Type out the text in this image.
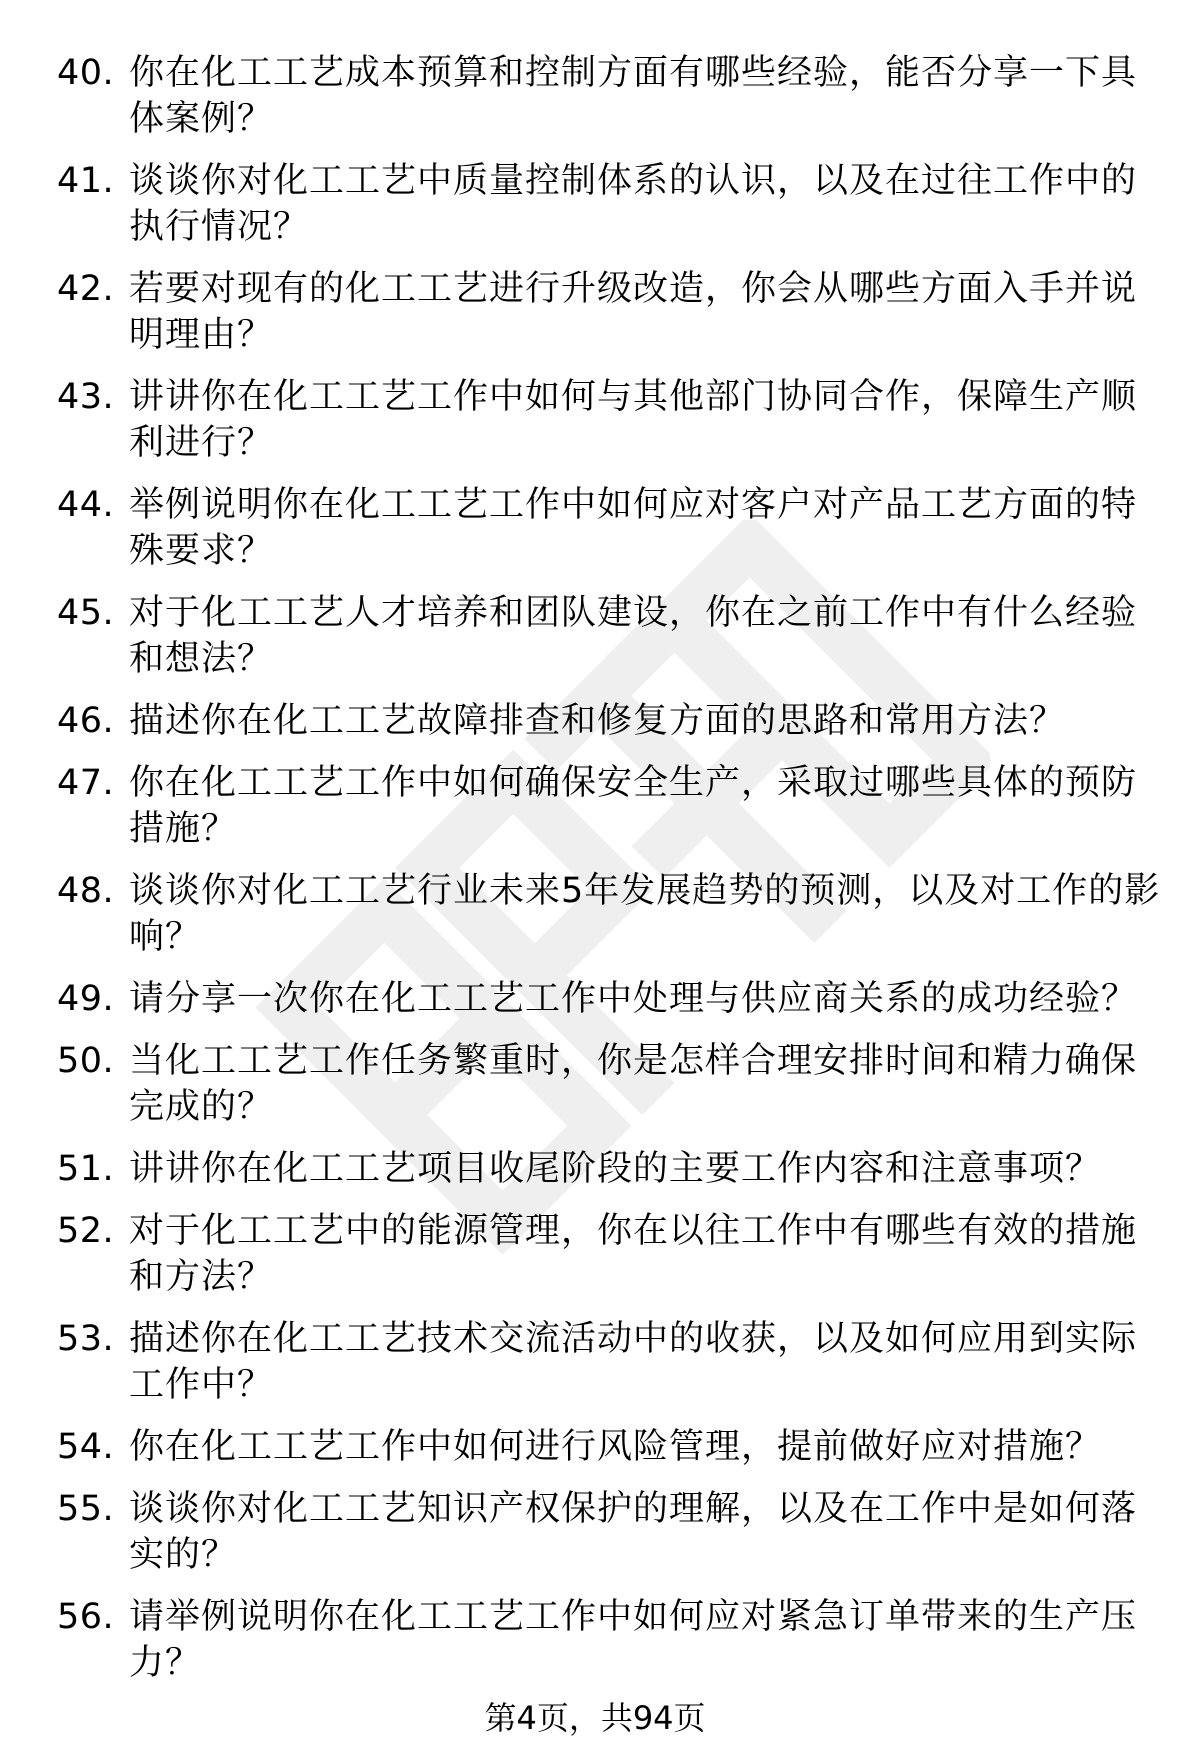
40. 你在化工工艺成本预算和控制方面有哪些经验，能否分享一下具体案例？
41. 谈谈你对化工工艺中质量控制体系的认识，以及在过往工作中的执行情况？
42. 若要对现有的化工工艺进行升级改造，你会从哪些方面入手并说明理由？
43. 讲讲你在化工工艺工作中如何与其他部门协同合作，保障生产顺利进行？
44. 举例说明你在化工工艺工作中如何应对客户对产品工艺方面的特殊要求？
45. 对于化工工艺人才培养和团队建设，你在之前工作中有什么经验和想法？
46. 描述你在化工工艺故障排查和修复方面的思路和常用方法？
47. 你在化工工艺工作中如何确保安全生产，采取过哪些具体的预防措施？
48. 谈谈你对化工工艺行业未来5年发展趋势的预测，以及对工作的影响？
49. 请分享一次你在化工工艺工作中处理与供应商关系的成功经验？
50. 当化工工艺工作任务繁重时，你是怎样合理安排时间和精力确保完成的？
51. 讲讲你在化工工艺项目收尾阶段的主要工作内容和注意事项？
52. 对于化工工艺中的能源管理，你在以往工作中有哪些有效的措施和方法？
53. 描述你在化工工艺技术交流活动中的收获，以及如何应用到实际工作中？
54. 你在化工工艺工作中如何进行风险管理，提前做好应对措施？
55. 谈谈你对化工工艺知识产权保护的理解，以及在工作中是如何落实的？
56. 请举例说明你在化工工艺工作中如何应对紧急订单带来的生产压力？
第4页，共94页
